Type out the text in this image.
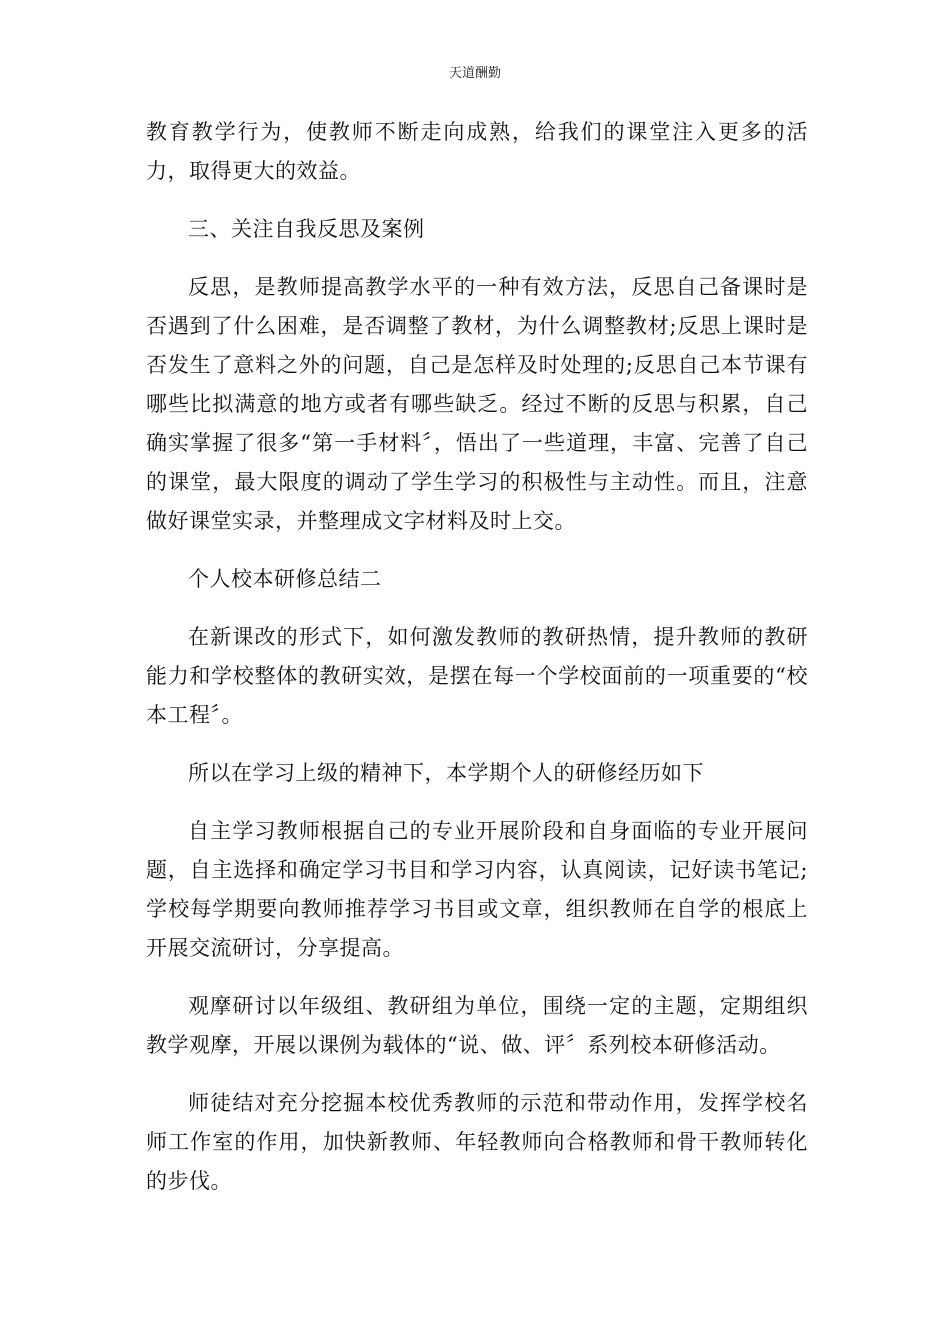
天道酬勤

教育教学行为，使教师不断走向成熟，给我们的课堂注入更多的活力，取得更大的效益。

三、关注自我反思及案例

反思，是教师提高教学水平的一种有效方法，反思自己备课时是否遇到了什么困难，是否调整了教材，为什么调整教材;反思上课时是否发生了意料之外的问题，自己是怎样及时处理的;反思自己本节课有哪些比拟满意的地方或者有哪些缺乏。经过不断的反思与积累，自己确实掌握了很多“第一手材料〞，悟出了一些道理，丰富、完善了自己的课堂，最大限度的调动了学生学习的积极性与主动性。而且，注意做好课堂实录，并整理成文字材料及时上交。

个人校本研修总结二

在新课改的形式下，如何激发教师的教研热情，提升教师的教研能力和学校整体的教研实效，是摆在每一个学校面前的一项重要的“校本工程〞。

所以在学习上级的精神下，本学期个人的研修经历如下

自主学习教师根据自己的专业开展阶段和自身面临的专业开展问题，自主选择和确定学习书目和学习内容，认真阅读，记好读书笔记;学校每学期要向教师推荐学习书目或文章，组织教师在自学的根底上开展交流研讨，分享提高。

观摩研讨以年级组、教研组为单位，围绕一定的主题，定期组织教学观摩，开展以课例为载体的“说、做、评〞系列校本研修活动。

师徒结对充分挖掘本校优秀教师的示范和带动作用，发挥学校名师工作室的作用，加快新教师、年轻教师向合格教师和骨干教师转化的步伐。
